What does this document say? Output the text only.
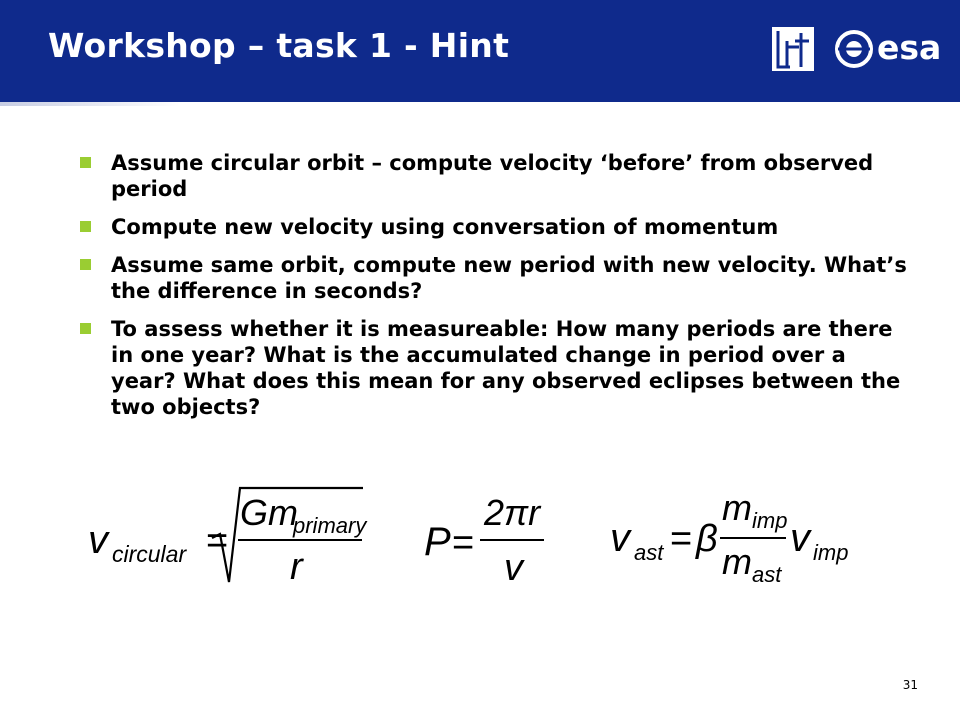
Workshop – task 1 - Hint	esa
Assume circular orbit – compute velocity ‘before’ from observed period
Compute new velocity using conversation of momentum
Assume same orbit, compute new period with new velocity. What’s the difference in seconds?
To assess whether it is measureable: How many periods are there in one year? What is the accumulated change in period over a year? What does this mean for any observed eclipses between the two objects?
v circular =
Gm
primary
r
P =
2πr
v
v ast = β
m imp
m ast
v imp
31
